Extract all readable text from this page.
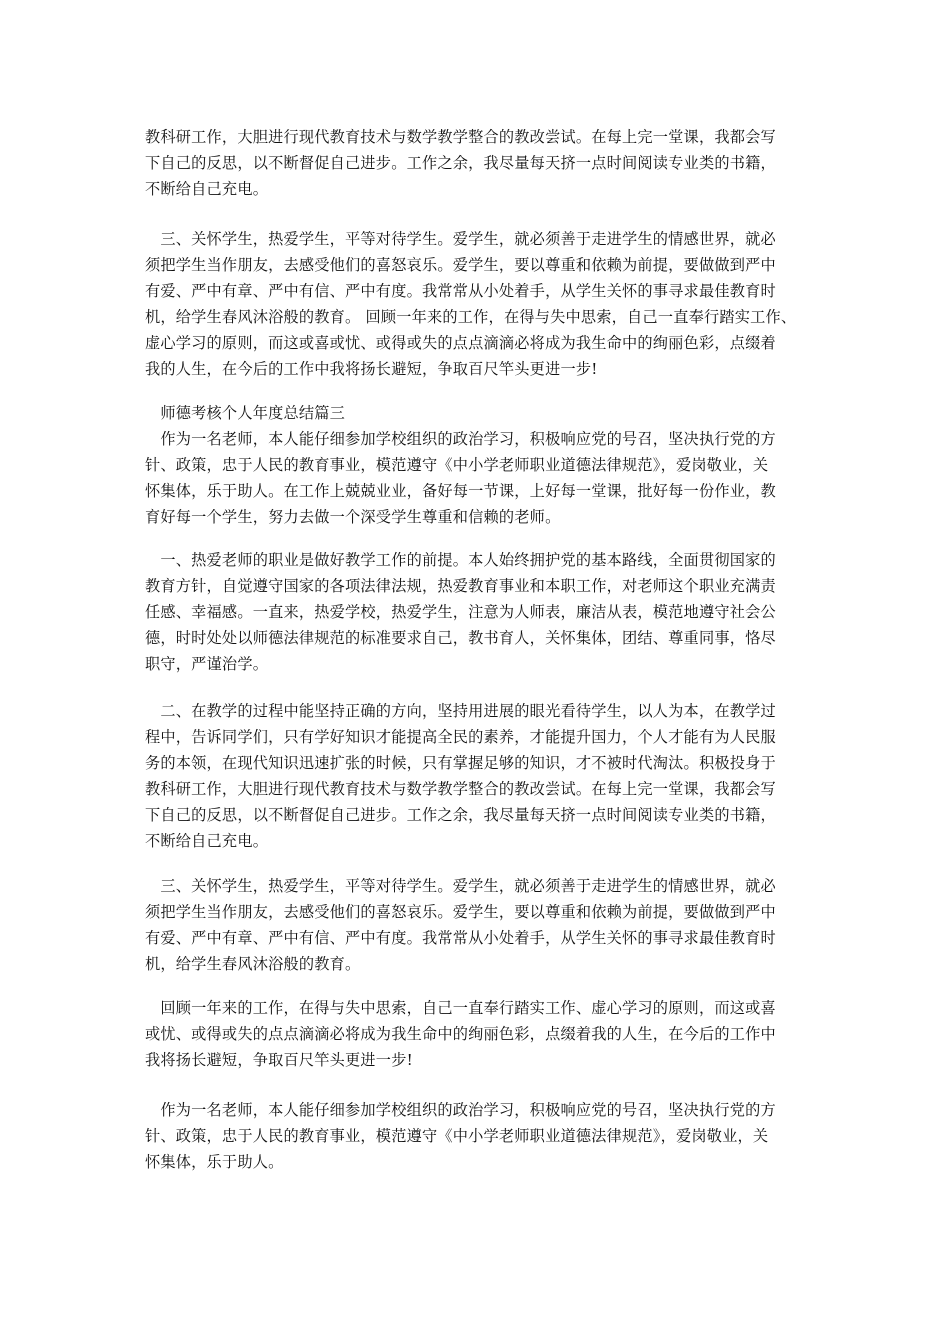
教科研工作，大胆进行现代教育技术与数学教学整合的教改尝试。在每上完一堂课，我都会写
下自己的反思，以不断督促自己进步。工作之余，我尽量每天挤一点时间阅读专业类的书籍，
不断给自己充电。
　三、关怀学生，热爱学生，平等对待学生。爱学生，就必须善于走进学生的情感世界，就必
须把学生当作朋友，去感受他们的喜怒哀乐。爱学生，要以尊重和依赖为前提，要做做到严中
有爱、严中有章、严中有信、严中有度。我常常从小处着手，从学生关怀的事寻求最佳教育时
机，给学生春风沐浴般的教育。 回顾一年来的工作，在得与失中思索，自己一直奉行踏实工作、
虚心学习的原则，而这或喜或忧、或得或失的点点滴滴必将成为我生命中的绚丽色彩，点缀着
我的人生，在今后的工作中我将扬长避短，争取百尺竿头更进一步!
　师德考核个人年度总结篇三
　作为一名老师，本人能仔细参加学校组织的政治学习，积极响应党的号召，坚决执行党的方
针、政策，忠于人民的教育事业，模范遵守《中小学老师职业道德法律规范》，爱岗敬业，关
怀集体，乐于助人。在工作上兢兢业业，备好每一节课，上好每一堂课，批好每一份作业，教
育好每一个学生，努力去做一个深受学生尊重和信赖的老师。
　一、热爱老师的职业是做好教学工作的前提。本人始终拥护党的基本路线，全面贯彻国家的
教育方针，自觉遵守国家的各项法律法规，热爱教育事业和本职工作，对老师这个职业充满责
任感、幸福感。一直来，热爱学校，热爱学生，注意为人师表，廉洁从表，模范地遵守社会公
德，时时处处以师德法律规范的标准要求自己，教书育人，关怀集体，团结、尊重同事，恪尽
职守，严谨治学。
　二、在教学的过程中能坚持正确的方向，坚持用进展的眼光看待学生，以人为本，在教学过
程中，告诉同学们，只有学好知识才能提高全民的素养，才能提升国力，个人才能有为人民服
务的本领，在现代知识迅速扩张的时候，只有掌握足够的知识，才不被时代淘汰。积极投身于
教科研工作，大胆进行现代教育技术与数学教学整合的教改尝试。在每上完一堂课，我都会写
下自己的反思，以不断督促自己进步。工作之余，我尽量每天挤一点时间阅读专业类的书籍，
不断给自己充电。
　三、关怀学生，热爱学生，平等对待学生。爱学生，就必须善于走进学生的情感世界，就必
须把学生当作朋友，去感受他们的喜怒哀乐。爱学生，要以尊重和依赖为前提，要做做到严中
有爱、严中有章、严中有信、严中有度。我常常从小处着手，从学生关怀的事寻求最佳教育时
机，给学生春风沐浴般的教育。
　回顾一年来的工作，在得与失中思索，自己一直奉行踏实工作、虚心学习的原则，而这或喜
或忧、或得或失的点点滴滴必将成为我生命中的绚丽色彩，点缀着我的人生，在今后的工作中
我将扬长避短，争取百尺竿头更进一步!
　作为一名老师，本人能仔细参加学校组织的政治学习，积极响应党的号召，坚决执行党的方
针、政策，忠于人民的教育事业，模范遵守《中小学老师职业道德法律规范》，爱岗敬业，关
怀集体，乐于助人。
